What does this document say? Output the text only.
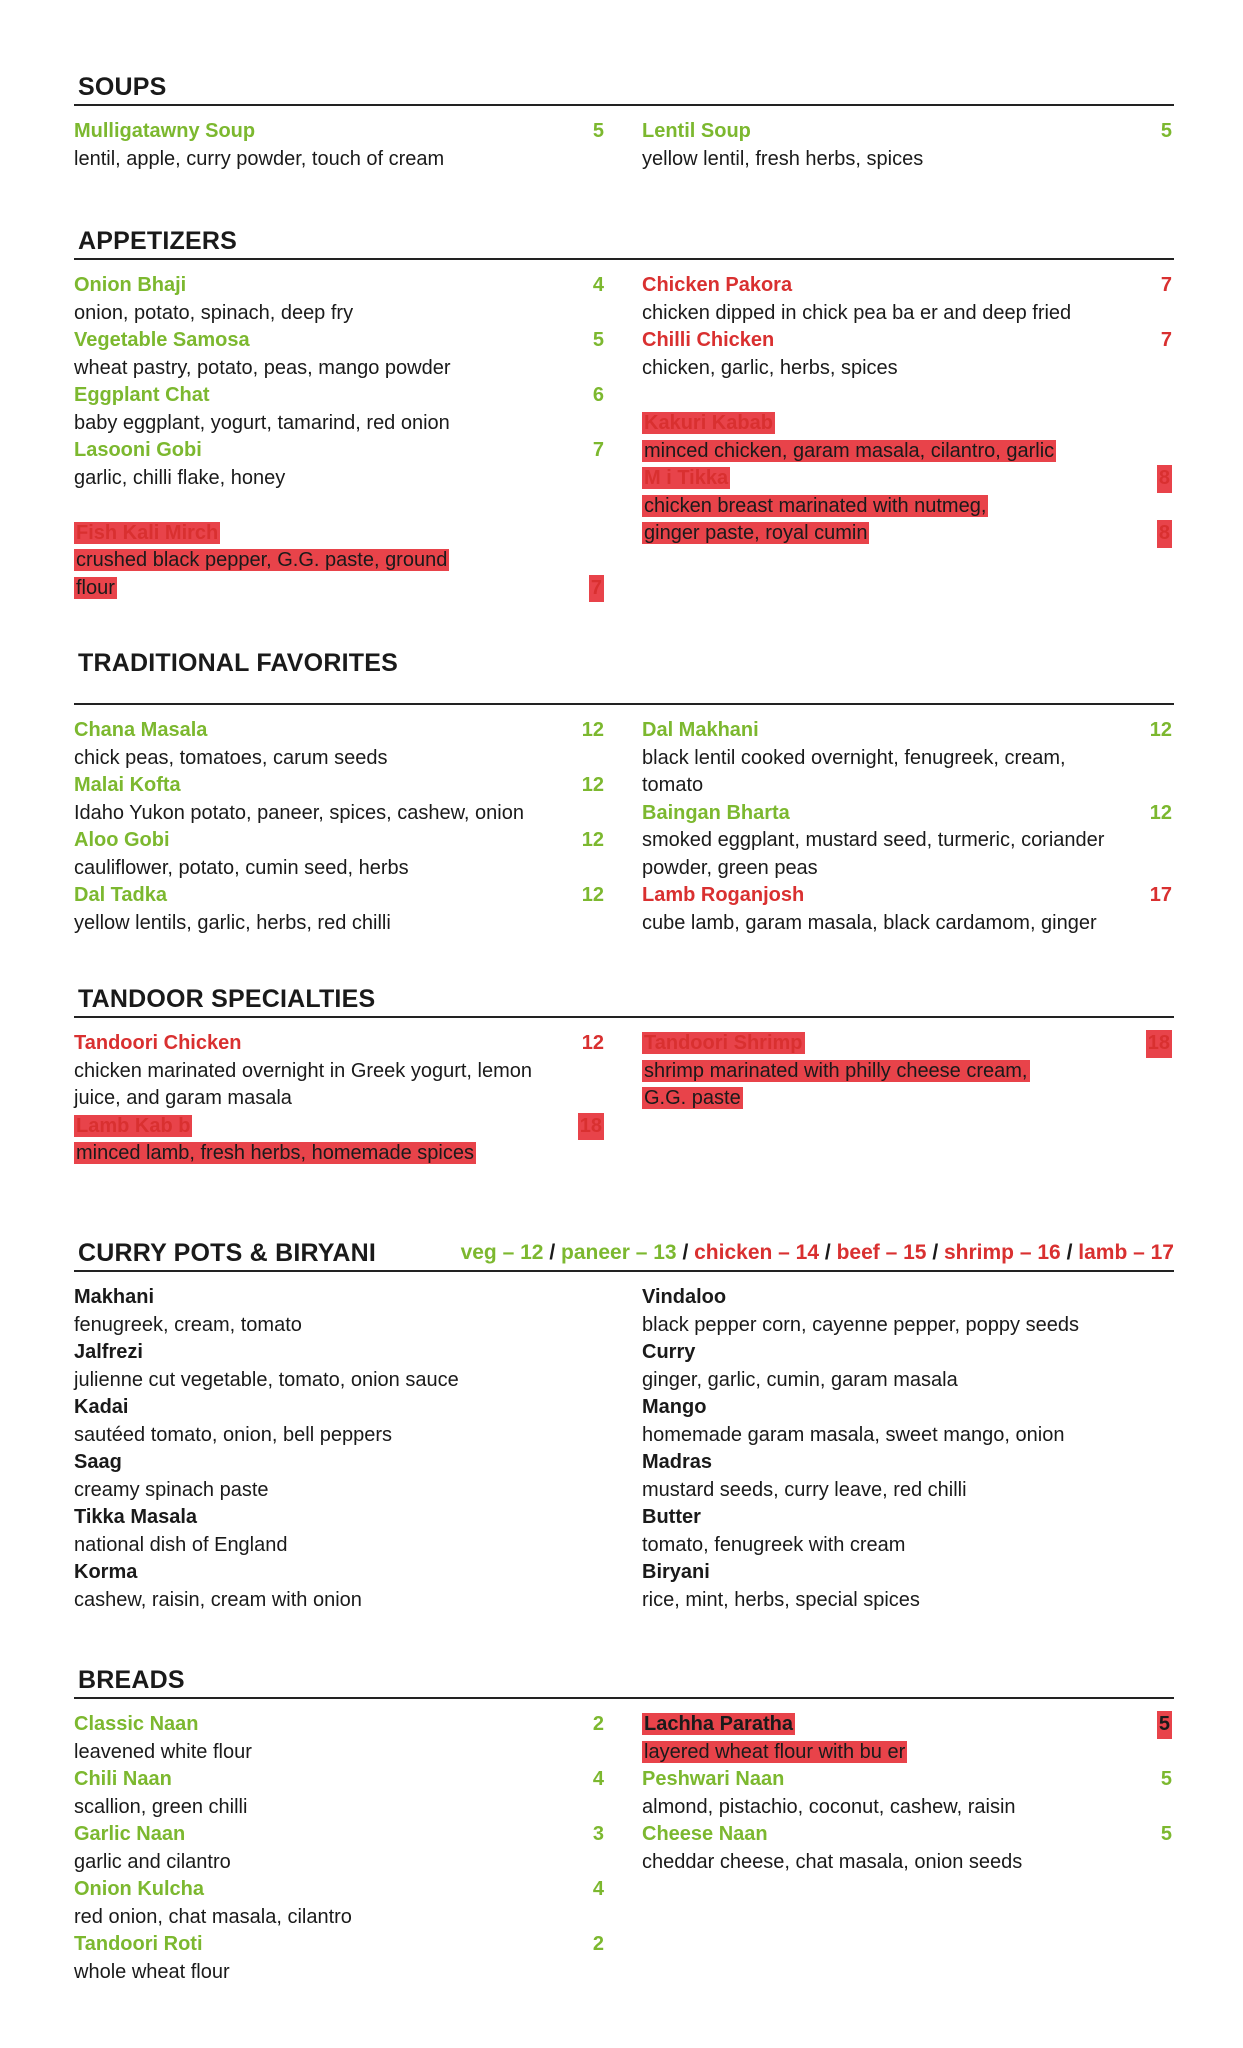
SOUPS
Mulligatawny Soup	5
lentil, apple, curry powder, touch of cream
Lentil Soup	5
yellow lentil, fresh herbs, spices
APPETIZERS
Onion Bhaji	4
onion, potato, spinach, deep fry
Vegetable Samosa	5
wheat pastry, potato, peas, mango powder
Eggplant Chat	6
baby eggplant, yogurt, tamarind, red onion
Lasooni Gobi	7
garlic, chilli flake, honey
Fish Kali Mirch
crushed black pepper, G.G. paste, ground
flour	7
Chicken Pakora	7
chicken dipped in chick pea ba er and deep fried
Chilli Chicken	7
chicken, garlic, herbs, spices
Kakuri Kabab
minced chicken, garam masala, cilantro, garlic
M i Tikka	8
chicken breast marinated with nutmeg,
ginger paste, royal cumin	8
TRADITIONAL FAVORITES
Chana Masala	12
chick peas, tomatoes, carum seeds
Malai Kofta	12
Idaho Yukon potato, paneer, spices, cashew, onion
Aloo Gobi	12
cauliflower, potato, cumin seed, herbs
Dal Tadka	12
yellow lentils, garlic, herbs, red chilli
Dal Makhani	12
black lentil cooked overnight, fenugreek, cream,
tomato
Baingan Bharta	12
smoked eggplant, mustard seed, turmeric, coriander
powder, green peas
Lamb Roganjosh	17
cube lamb, garam masala, black cardamom, ginger
TANDOOR SPECIALTIES
Tandoori Chicken	12
chicken marinated overnight in Greek yogurt, lemon
juice, and garam masala
Lamb Kab b	18
minced lamb, fresh herbs, homemade spices
Tandoori Shrimp	18
shrimp marinated with philly cheese cream,
G.G. paste
CURRY POTS & BIRYANI	veg – 12 / paneer – 13 / chicken – 14 / beef – 15 / shrimp – 16 / lamb – 17
Makhani
fenugreek, cream, tomato
Jalfrezi
julienne cut vegetable, tomato, onion sauce
Kadai
sautéed tomato, onion, bell peppers
Saag
creamy spinach paste
Tikka Masala
national dish of England
Korma
cashew, raisin, cream with onion
Vindaloo
black pepper corn, cayenne pepper, poppy seeds
Curry
ginger, garlic, cumin, garam masala
Mango
homemade garam masala, sweet mango, onion
Madras
mustard seeds, curry leave, red chilli
Butter
tomato, fenugreek with cream
Biryani
rice, mint, herbs, special spices
BREADS
Classic Naan	2
leavened white flour
Chili Naan	4
scallion, green chilli
Garlic Naan	3
garlic and cilantro
Onion Kulcha	4
red onion, chat masala, cilantro
Tandoori Roti	2
whole wheat flour
Lachha Paratha	5
layered wheat flour with bu er
Peshwari Naan	5
almond, pistachio, coconut, cashew, raisin
Cheese Naan	5
cheddar cheese, chat masala, onion seeds
